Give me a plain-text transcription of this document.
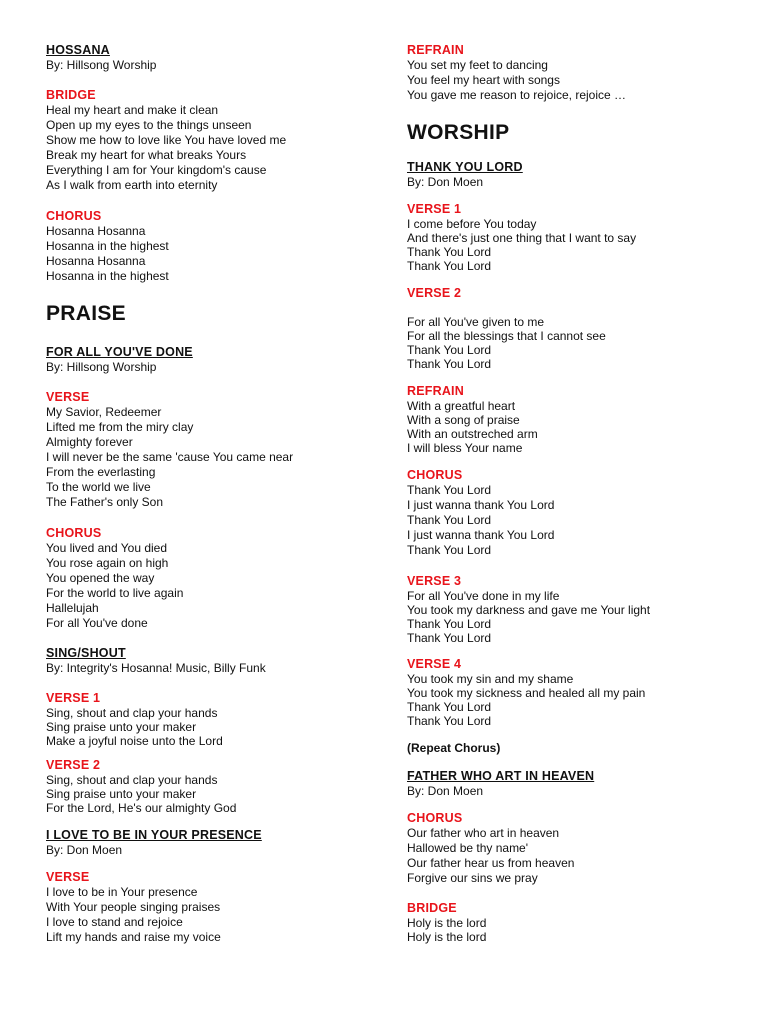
HOSSANA
By: Hillsong Worship
BRIDGE
Heal my heart and make it clean
Open up my eyes to the things unseen
Show me how to love like You have loved me
Break my heart for what breaks Yours
Everything I am for Your kingdom's cause
As I walk from earth into eternity
CHORUS
Hosanna Hosanna
Hosanna in the highest
Hosanna Hosanna
Hosanna in the highest
PRAISE
FOR ALL YOU'VE DONE
By: Hillsong Worship
VERSE
My Savior, Redeemer
Lifted me from the miry clay
Almighty forever
I will never be the same 'cause You came near
From the everlasting
To the world we live
The Father's only Son
CHORUS
You lived and You died
You rose again on high
You opened the way
For the world to live again
Hallelujah
For all You've done
SING/SHOUT
By: Integrity's Hosanna! Music, Billy Funk
VERSE 1
Sing, shout and clap your hands
Sing praise unto your maker
Make a joyful noise unto the Lord
VERSE 2
Sing, shout and clap your hands
Sing praise unto your maker
For the Lord, He's our almighty God
I LOVE TO BE IN YOUR PRESENCE
By: Don Moen
VERSE
I love to be in Your presence
With Your people singing praises
I love to stand and rejoice
Lift my hands and raise my voice
REFRAIN
You set my feet to dancing
You feel my heart with songs
You gave me reason to rejoice, rejoice …
WORSHIP
THANK YOU LORD
By: Don Moen
VERSE 1
I come before You today
And there's just one thing that I want to say
Thank You Lord
Thank You Lord
VERSE 2
For all You've given to me
For all the blessings that I cannot see
Thank You Lord
Thank You Lord
REFRAIN
With a greatful heart
With a song of praise
With an outstreched arm
I will bless Your name
CHORUS
Thank You Lord
I just wanna thank You Lord
Thank You Lord
I just wanna thank You Lord
Thank You Lord
VERSE 3
For all You've done in my life
You took my darkness and gave me Your light
Thank You Lord
Thank You Lord
VERSE 4
You took my sin and my shame
You took my sickness and healed all my pain
Thank You Lord
Thank You Lord
(Repeat Chorus)
FATHER WHO ART IN HEAVEN
By: Don Moen
CHORUS
Our father who art in heaven
Hallowed be thy name'
Our father hear us from heaven
Forgive our sins we pray
BRIDGE
Holy is the lord
Holy is the lord
